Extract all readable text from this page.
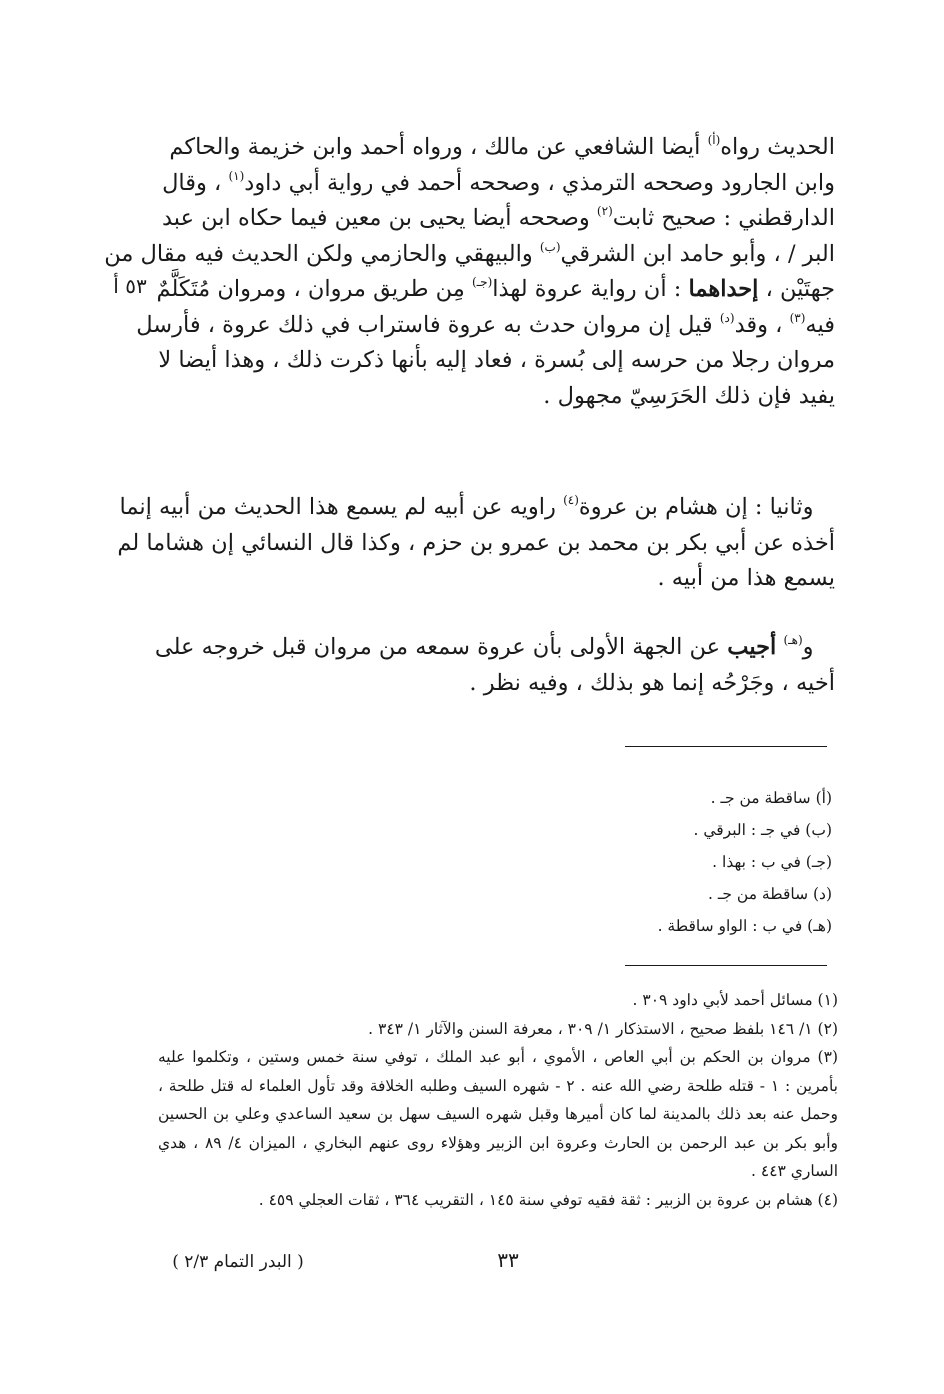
الحديث رواه$^{(أ)}$ أيضا الشافعي عن مالك ، ورواه أحمد وابن خزيمة والحاكم
وابن الجارود وصححه الترمذي ، وصححه أحمد في رواية أبي داود$^{(١)}$ ، وقال
الدارقطني : صحيح ثابت$^{(٢)}$ وصححه أيضا يحيى بن معين فيما حكاه ابن عبد
البر / ، وأبو حامد ابن الشرقي$^{(ب)}$ والبيهقي والحازمي ولكن الحديث فيه مقال من
جهتَيْن ، إحداهما : أن رواية عروة لهذا$^{(جـ)}$ مِن طريق مروان ، ومروان مُتَكَلَّمٌ
فيه$^{(٣)}$ ، وقد$^{(د)}$ قيل إن مروان حدث به عروة فاستراب في ذلك عروة ، فأرسل
مروان رجلا من حرسه إلى بُسرة ، فعاد إليه بأنها ذكرت ذلك ، وهذا أيضا لا
يفيد فإن ذلك الحَرَسِيّ مجهول .

٥٣ أ

وثانيا : إن هشام بن عروة$^{(٤)}$ راويه عن أبيه لم يسمع هذا الحديث من أبيه إنما
أخذه عن أبي بكر بن محمد بن عمرو بن حزم ، وكذا قال النسائي إن هشاما لم
يسمع هذا من أبيه .

و$^{(هـ)}$ أجيب عن الجهة الأولى بأن عروة سمعه من مروان قبل خروجه على
أخيه ، وجَرْحُه إنما هو بذلك ، وفيه نظر .

(أ) ساقطة من جـ .
(ب) في جـ : البرقي .
(جـ) في ب : بهذا .
(د) ساقطة من جـ .
(هـ) في ب : الواو ساقطة .
(١) مسائل أحمد لأبي داود ٣٠٩ .
(٢) ١/ ١٤٦ بلفظ صحيح ، الاستذكار ١/ ٣٠٩ ، معرفة السنن والآثار ١/ ٣٤٣ .
(٣) مروان بن الحكم بن أبي العاص ، الأموي ، أبو عبد الملك ، توفي سنة خمس وستين ، وتكلموا عليه بأمرين : ١ - قتله طلحة رضي الله عنه . ٢ - شهره السيف وطلبه الخلافة وقد تأول العلماء له قتل طلحة ، وحمل عنه بعد ذلك بالمدينة لما كان أميرها وقبل شهره السيف سهل بن سعيد الساعدي وعلي بن الحسين وأبو بكر بن عبد الرحمن بن الحارث وعروة ابن الزبير وهؤلاء روى عنهم البخاري ، الميزان ٤/ ٨٩ ، هدي الساري ٤٤٣ .
(٤) هشام بن عروة بن الزبير : ثقة فقيه توفي سنة ١٤٥ ، التقريب ٣٦٤ ، ثقات العجلي ٤٥٩ .
٣٣
( البدر التمام ٢/٣ )
